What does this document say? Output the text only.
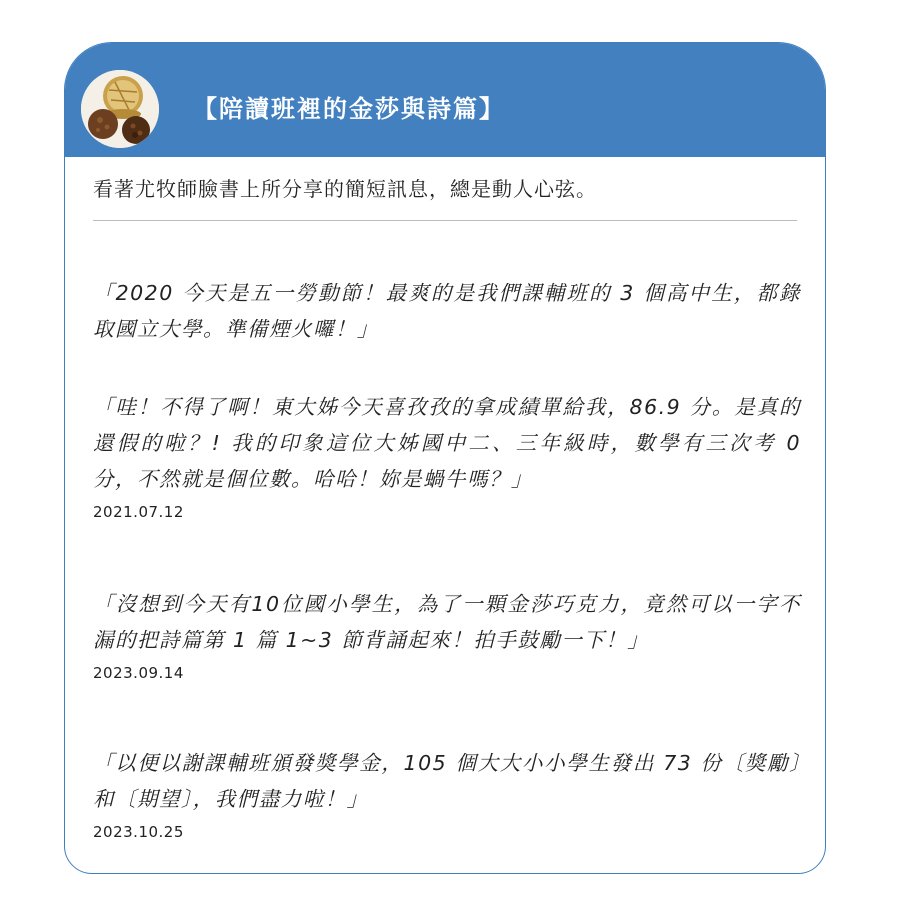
【陪讀班裡的金莎與詩篇】
看著尤牧師臉書上所分享的簡短訊息，總是動人心弦。

「2020 今天是五一勞動節！最爽的是我們課輔班的 3 個高中生，都錄取國立大學。準備煙火囉！」

「哇！不得了啊！東大姊今天喜孜孜的拿成績單給我，86.9 分。是真的還假的啦？! 我的印象這位大姊國中二、三年級時，數學有三次考 0 分，不然就是個位數。哈哈！妳是蝸牛嗎？」

2021.07.12

「沒想到今天有10位國小學生，為了一顆金莎巧克力，竟然可以一字不漏的把詩篇第 1 篇 1~3 節背誦起來！拍手鼓勵一下！」

2023.09.14

「以便以謝課輔班頒發獎學金，105 個大大小小學生發出 73 份〔獎勵〕和〔期望〕，我們盡力啦！」

2023.10.25
